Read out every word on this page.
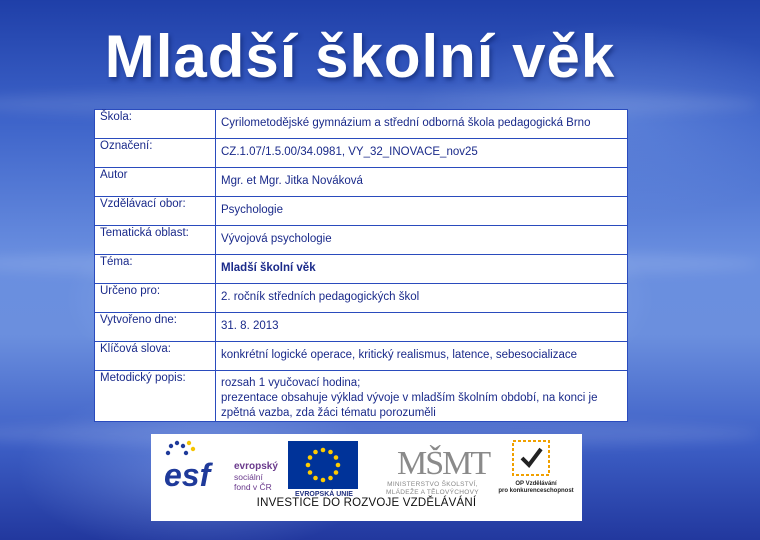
Mladší školní věk
Škola:	Cyrilometodějské gymnázium a střední odborná škola pedagogická Brno

Označení:	CZ.1.07/1.5.00/34.0981, VY_32_INOVACE_nov25

Autor	Mgr. et Mgr. Jitka Nováková

Vzdělávací obor:	Psychologie

Tematická oblast:	Vývojová psychologie

Téma:	Mladší školní věk

Určeno pro:	2. ročník středních pedagogických škol

Vytvořeno dne:	31. 8. 2013

Klíčová slova:	konkrétní logické operace, kritický realismus, latence, sebesocializace

Metodický popis:	rozsah 1 vyučovací hodina;
prezentace obsahuje výklad vývoje v mladším školním období, na konci je
zpětná vazba, zda žáci tématu porozuměli
esf	evropský
sociální
fond v ČR
EVROPSKÁ UNIE
MŠMT
MINISTERSTVO ŠKOLSTVÍ,
MLÁDEŽE A TĚLOVÝCHOVY
OP Vzdělávání
pro konkurenceschopnost
INVESTICE DO ROZVOJE VZDĚLÁVÁNÍ
